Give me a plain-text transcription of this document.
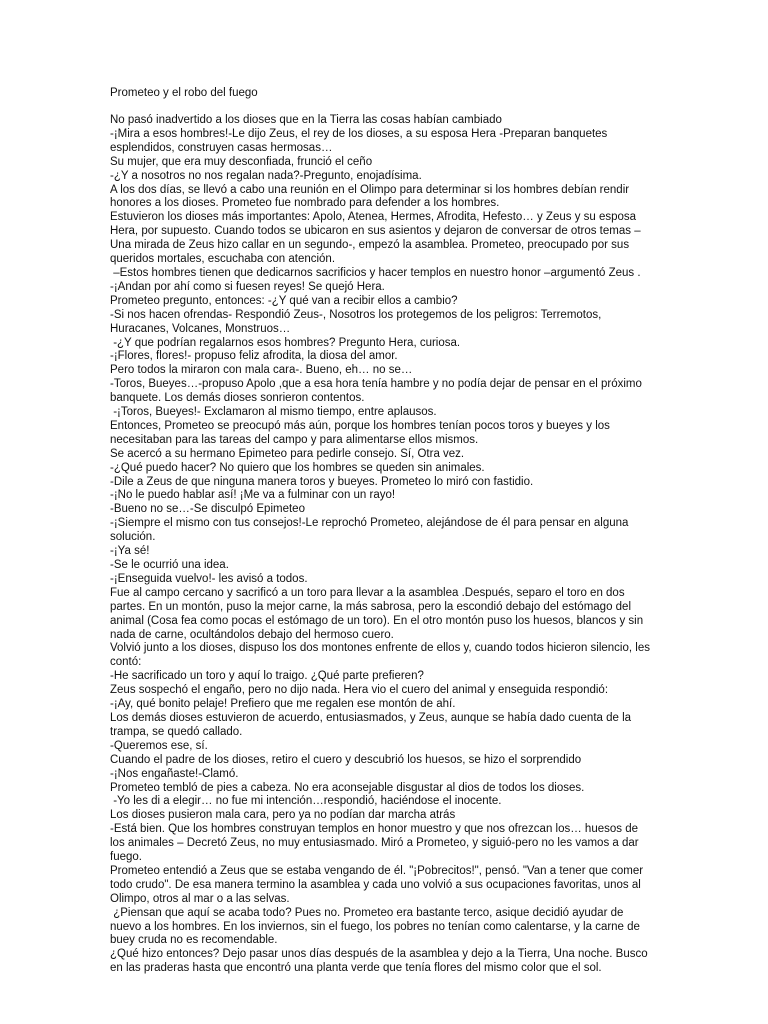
Prometeo y el robo del fuego

No pasó inadvertido a los dioses que en la Tierra las cosas habían cambiado

-¡Mira a esos hombres!-Le dijo Zeus, el rey de los dioses, a su esposa Hera -Preparan banquetes esplendidos, construyen casas hermosas…

Su mujer, que era muy desconfiada, frunció el ceño

-¿Y a nosotros no nos regalan nada?-Pregunto, enojadísima.

A los dos días, se llevó a cabo una reunión en el Olimpo para determinar si los hombres debían rendir honores a los dioses. Prometeo fue nombrado para defender a los hombres.

Estuvieron los dioses más importantes: Apolo, Atenea, Hermes, Afrodita, Hefesto… y Zeus y su esposa Hera, por supuesto. Cuando todos se ubicaron en sus asientos y dejaron de conversar de otros temas – Una mirada de Zeus hizo callar en un segundo-, empezó la asamblea. Prometeo, preocupado por sus queridos mortales, escuchaba con atención.

–Estos hombres tienen que dedicarnos sacrificios y hacer templos en nuestro honor –argumentó Zeus .

-¡Andan por ahí como si fuesen reyes! Se quejó Hera.

Prometeo pregunto, entonces: -¿Y qué van a recibir ellos a cambio?

-Si nos hacen ofrendas- Respondió Zeus-, Nosotros los protegemos de los peligros: Terremotos, Huracanes, Volcanes, Monstruos…

-¿Y que podrían regalarnos esos hombres? Pregunto Hera, curiosa.

-¡Flores, flores!- propuso feliz afrodita, la diosa del amor.

Pero todos la miraron con mala cara-. Bueno, eh… no se…

-Toros, Bueyes…-propuso Apolo ,que a esa hora tenía hambre y no podía dejar de pensar en el próximo banquete. Los demás dioses sonrieron contentos.

-¡Toros, Bueyes!- Exclamaron al mismo tiempo, entre aplausos.

Entonces, Prometeo se preocupó más aún, porque los hombres tenían pocos toros y bueyes y los necesitaban para las tareas del campo y para alimentarse ellos mismos.

Se acercó a su hermano Epimeteo para pedirle consejo. Sí, Otra vez.

-¿Qué puedo hacer? No quiero que los hombres se queden sin animales.

-Dile a Zeus de que ninguna manera toros y bueyes. Prometeo lo miró con fastidio.

-¡No le puedo hablar así! ¡Me va a fulminar con un rayo!

-Bueno no se…-Se disculpó Epimeteo

-¡Siempre el mismo con tus consejos!-Le reprochó Prometeo, alejándose de él para pensar en alguna solución.

-¡Ya sé!

-Se le ocurrió una idea.

-¡Enseguida vuelvo!- les avisó a todos.

Fue al campo cercano y sacrificó a un toro para llevar a la asamblea .Después, separo el toro en dos partes. En un montón, puso la mejor carne, la más sabrosa, pero la escondió debajo del estómago del animal (Cosa fea como pocas el estómago de un toro). En el otro montón puso los huesos, blancos y sin nada de carne, ocultándolos debajo del hermoso cuero.

Volvió junto a los dioses, dispuso los dos montones enfrente de ellos y, cuando todos hicieron silencio, les contó:

-He sacrificado un toro y aquí lo traigo. ¿Qué parte prefieren?

Zeus sospechó el engaño, pero no dijo nada. Hera vio el cuero del animal y enseguida respondió:

-¡Ay, qué bonito pelaje! Prefiero que me regalen ese montón de ahí.

Los demás dioses estuvieron de acuerdo, entusiasmados, y Zeus, aunque se había dado cuenta de la trampa, se quedó callado.

-Queremos ese, sí.

Cuando el padre de los dioses, retiro el cuero y descubrió los huesos, se hizo el sorprendido

-¡Nos engañaste!-Clamó.

Prometeo tembló de pies a cabeza. No era aconsejable disgustar al dios de todos los dioses.

-Yo les di a elegir… no fue mi intención…respondió, haciéndose el inocente.

Los dioses pusieron mala cara, pero ya no podían dar marcha atrás

-Está bien. Que los hombres construyan templos en honor muestro y que nos ofrezcan los… huesos de los animales – Decretó Zeus, no muy entusiasmado. Miró a Prometeo, y siguió-pero no les vamos a dar fuego.

Prometeo entendió a Zeus que se estaba vengando de él. "¡Pobrecitos!", pensó. "Van a tener que comer todo crudo". De esa manera termino la asamblea y cada uno volvió a sus ocupaciones favoritas, unos al Olimpo, otros al mar o a las selvas.

¿Piensan que aquí se acaba todo? Pues no. Prometeo era bastante terco, asique decidió ayudar de nuevo a los hombres. En los inviernos, sin el fuego, los pobres no tenían como calentarse, y la carne de buey cruda no es recomendable.

¿Qué hizo entonces? Dejo pasar unos días después de la asamblea y dejo a la Tierra, Una noche. Busco en las praderas hasta que encontró una planta verde que tenía flores del mismo color que el sol.
